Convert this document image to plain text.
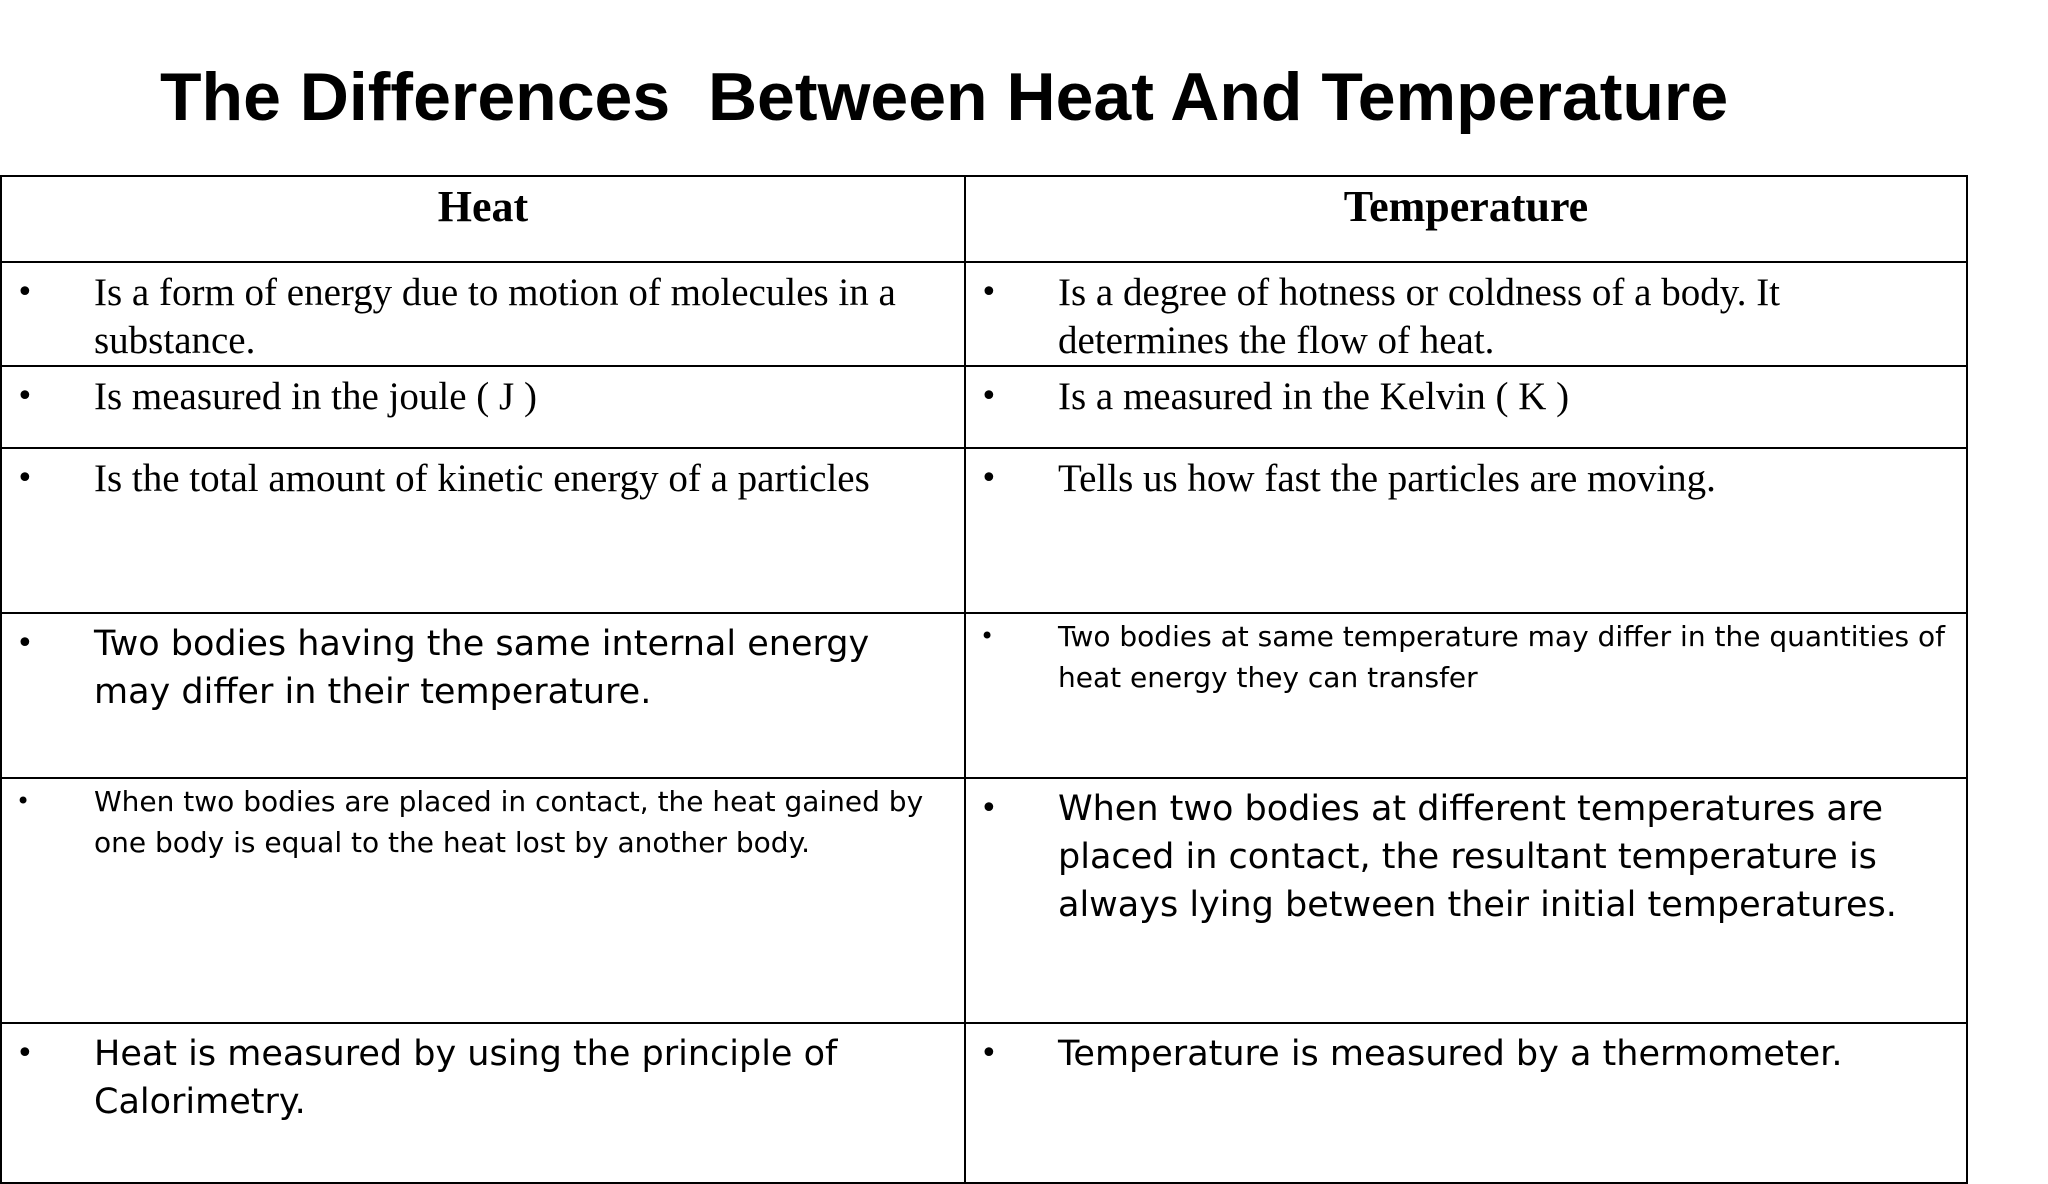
The Differences  Between Heat And Temperature
Heat	Temperature

• Is a form of energy due to motion of molecules in a substance.	• Is a degree of hotness or coldness of a body. It determines the flow of heat.

• Is measured in the joule ( J )	• Is a measured in the Kelvin ( K )

• Is the total amount of kinetic energy of a particles	• Tells us how fast the particles are moving.

• Two bodies having the same internal energy may differ in their temperature.	• Two bodies at same temperature may differ in the quantities of heat energy they can transfer

• When two bodies are placed in contact, the heat gained by one body is equal to the heat lost by another body.	• When two bodies at different temperatures are placed in contact, the resultant temperature is always lying between their initial temperatures.

• Heat is measured by using the principle of Calorimetry.	• Temperature is measured by a thermometer.
